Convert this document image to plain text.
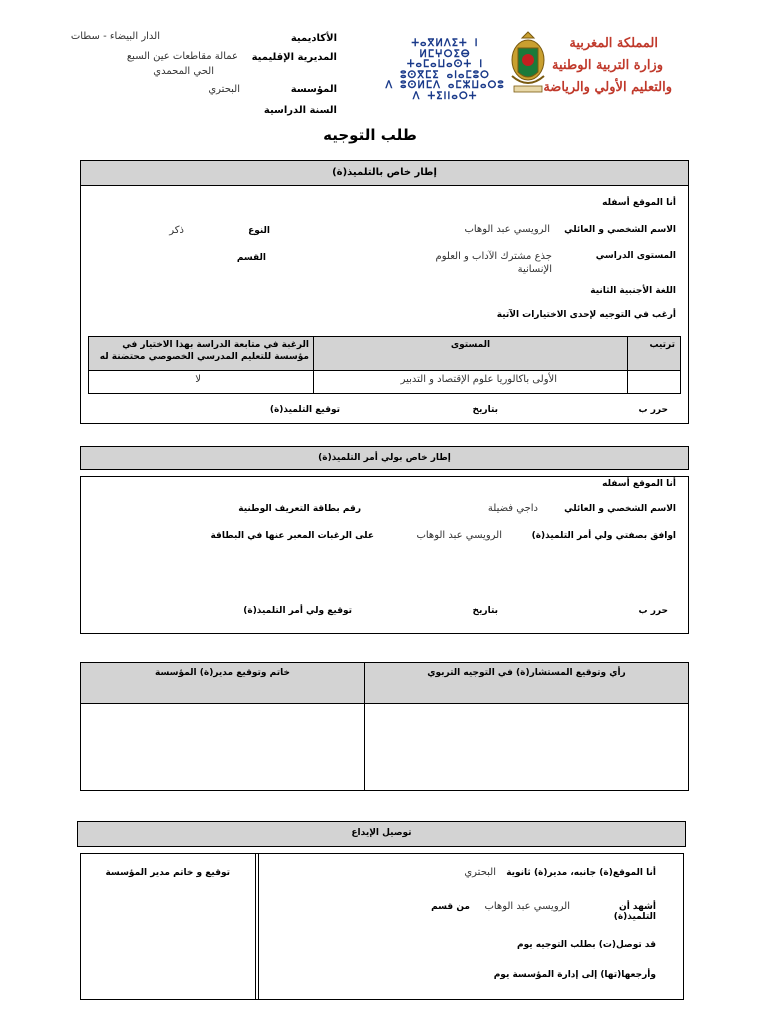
الدار البيضاء - سطات
عمالة مقاطعات عين السبع
الحي المحمدي
البحتري
الأكاديمية
المديرية الإقليمية
المؤسسة
السنة الدراسية
ⵜⴰⴳⵍⴷⵉⵜ ⵏ ⵍⵎⵖⵔⵉⴱ
ⵜⴰⵎⴰⵡⴰⵙⵜ ⵏ ⵓⵙⴳⵎⵉ ⴰⵏⴰⵎⵓⵔ
ⴷ ⵓⵙⵍⵎⴷ ⴰⵎⵣⵡⴰⵔⵓ ⴷ ⵜⵉⵏⵏⴰⵔⵜ
المملكة المغربية
وزارة التربية الوطنية
والتعليم الأولي والرياضة
طلب التوجيه
إطار خاص بالتلميذ(ة)
أنا الموقع أسفله
الاسم الشخصي و العائلي
الرويسي عبد الوهاب
النوع
ذكر
المستوى الدراسي
جذع مشترك الآداب و العلوم الإنسانية
القسم
اللغة الأجنبية الثانية
أرغب في التوجيه لإحدى الاختيارات الآتية
ترتيب
المستوى
الرغبة في متابعة الدراسة بهذا الاختيار في مؤسسة للتعليم المدرسي الخصوصي محتضنة له
الأولى باكالوريا علوم الإقتصاد و التدبير
لا
حرر ب
بتاريخ
توقيع التلميذ(ة)
إطار خاص بولي أمر التلميذ(ة)
أنا الموقع أسفله
الاسم الشخصي و العائلي
داجي فضيلة
رقم بطاقة التعريف الوطنية
اوافق بصفتي ولي أمر التلميذ(ة)
الرويسي عبد الوهاب
على الرغبات المعبر عنها في البطاقة
حرر ب
بتاريخ
توقيع ولي أمر التلميذ(ة)
رأي وتوقيع المستشار(ة) في التوجيه التربوي
خاتم وتوقيع مدير(ة) المؤسسة
توصيل الإيداع
أنا الموقع(ة) جانبه، مدير(ة) ثانوية
البحتري
أشهد أن التلميذ(ة)
الرويسي عبد الوهاب
من قسم
قد توصل(ت) بطلب التوجيه يوم
وأرجعها(تها) إلى إدارة المؤسسة يوم
توقيع و خاتم مدير المؤسسة
